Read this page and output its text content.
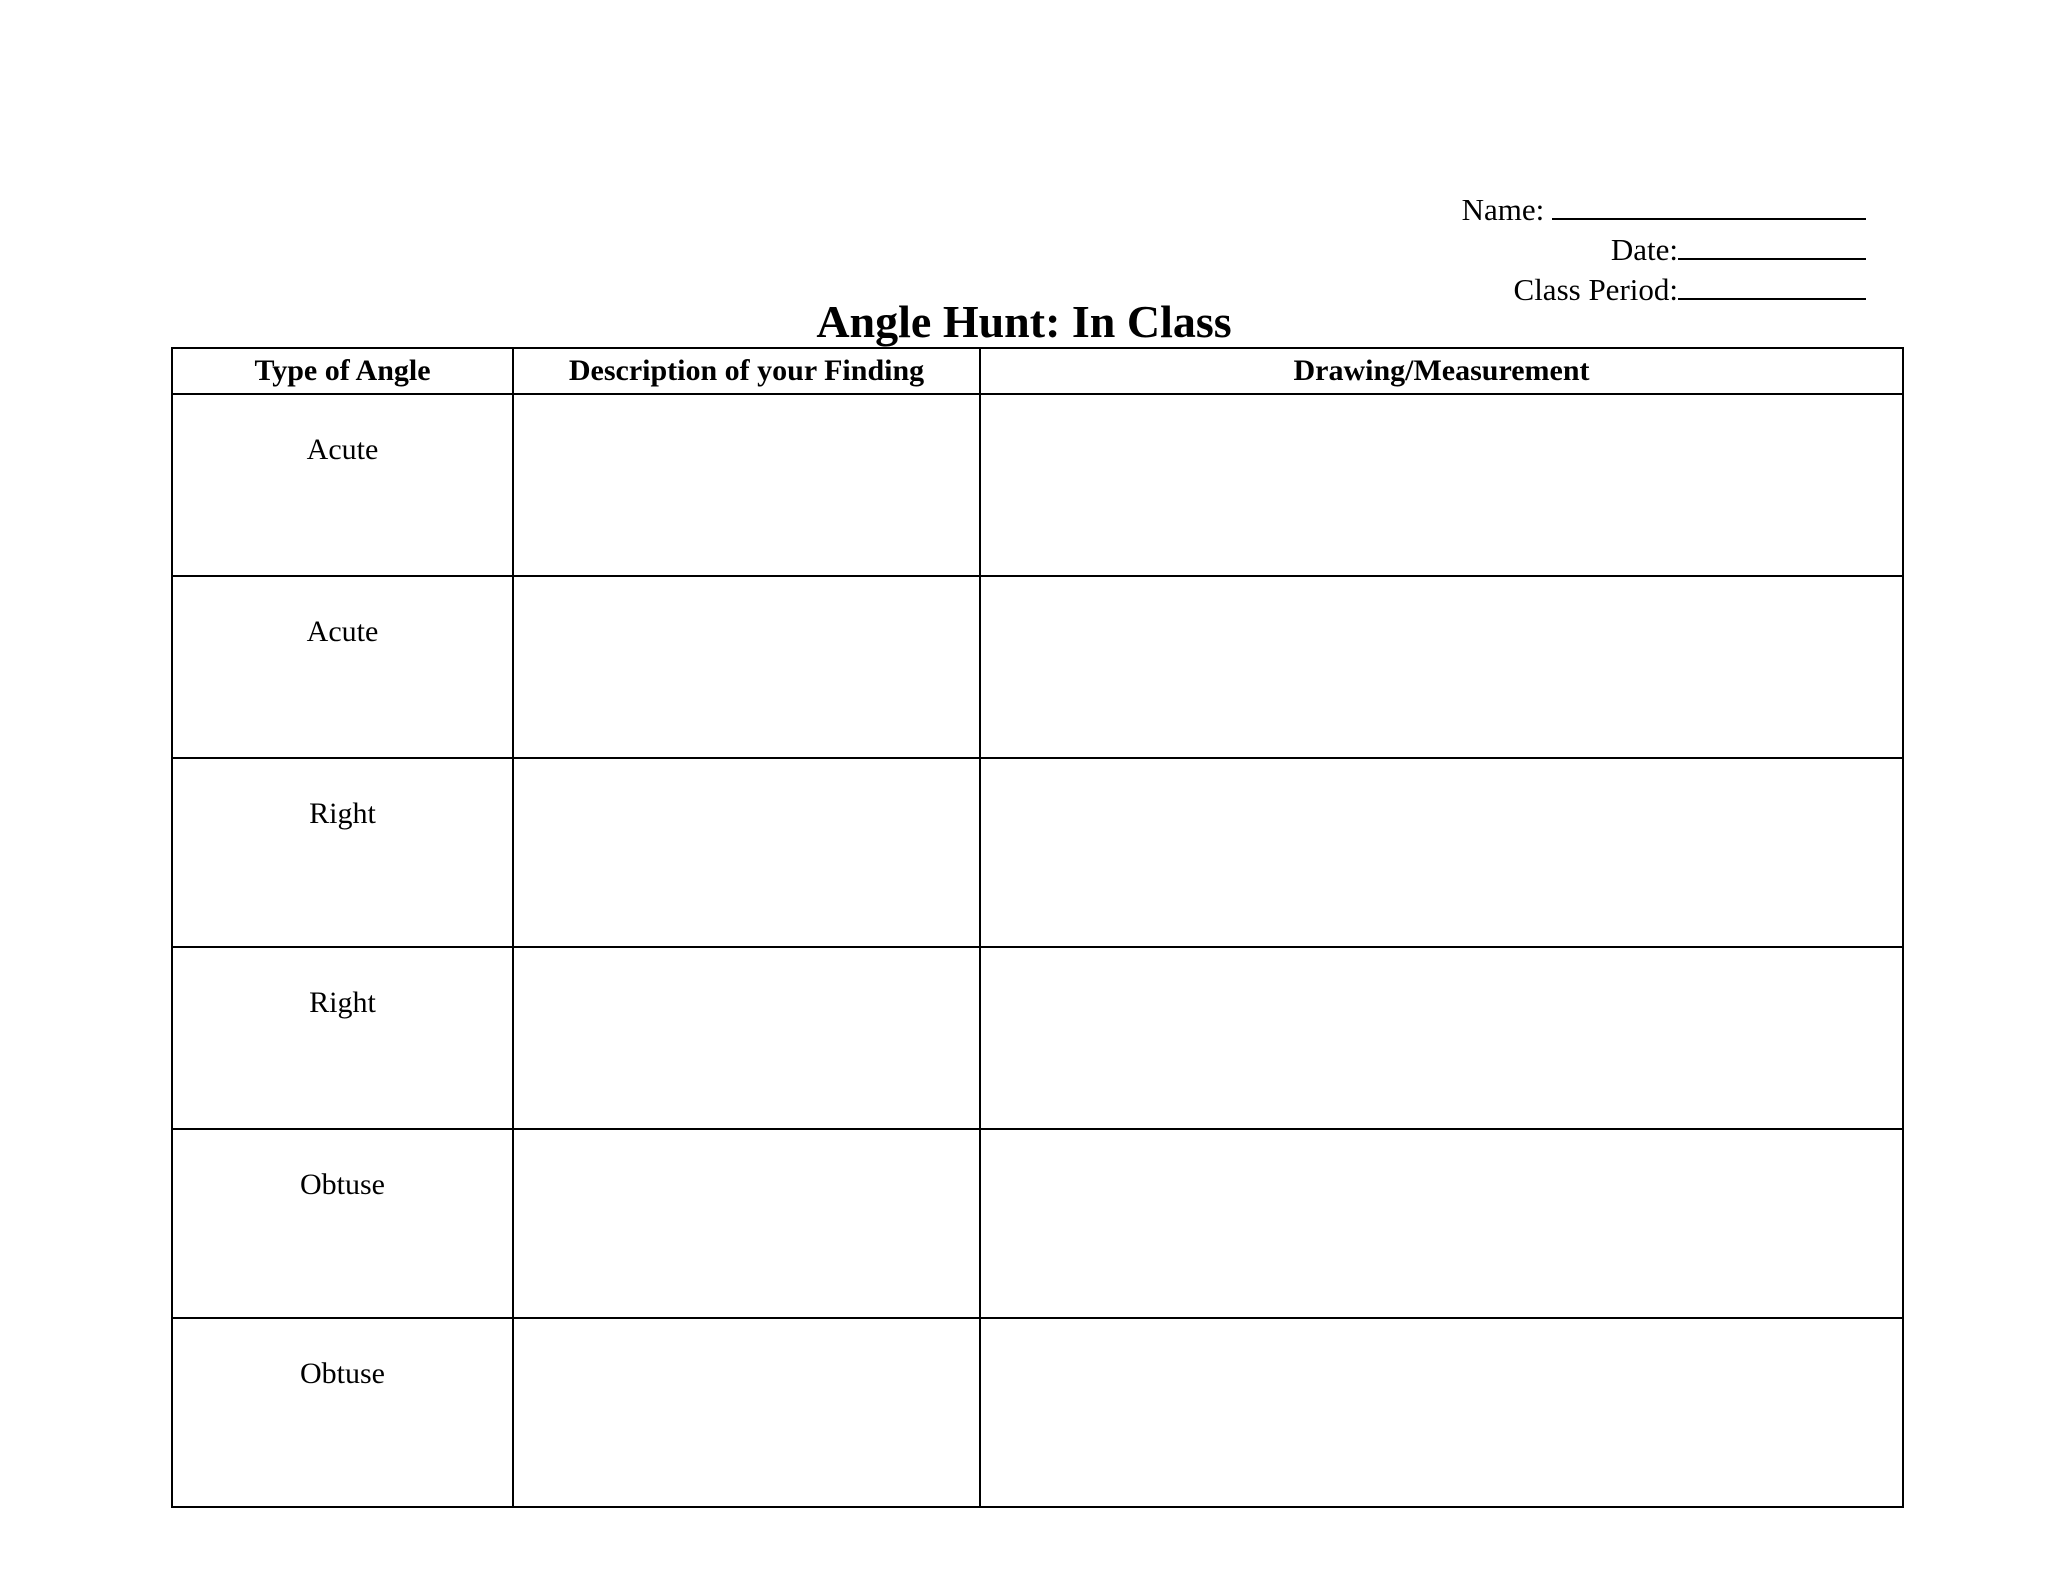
Name:
Date:
Class Period:
Angle Hunt: In Class
Type of Angle	Description of your Finding	Drawing/Measurement
Acute		
Acute		
Right		
Right		
Obtuse		
Obtuse		
